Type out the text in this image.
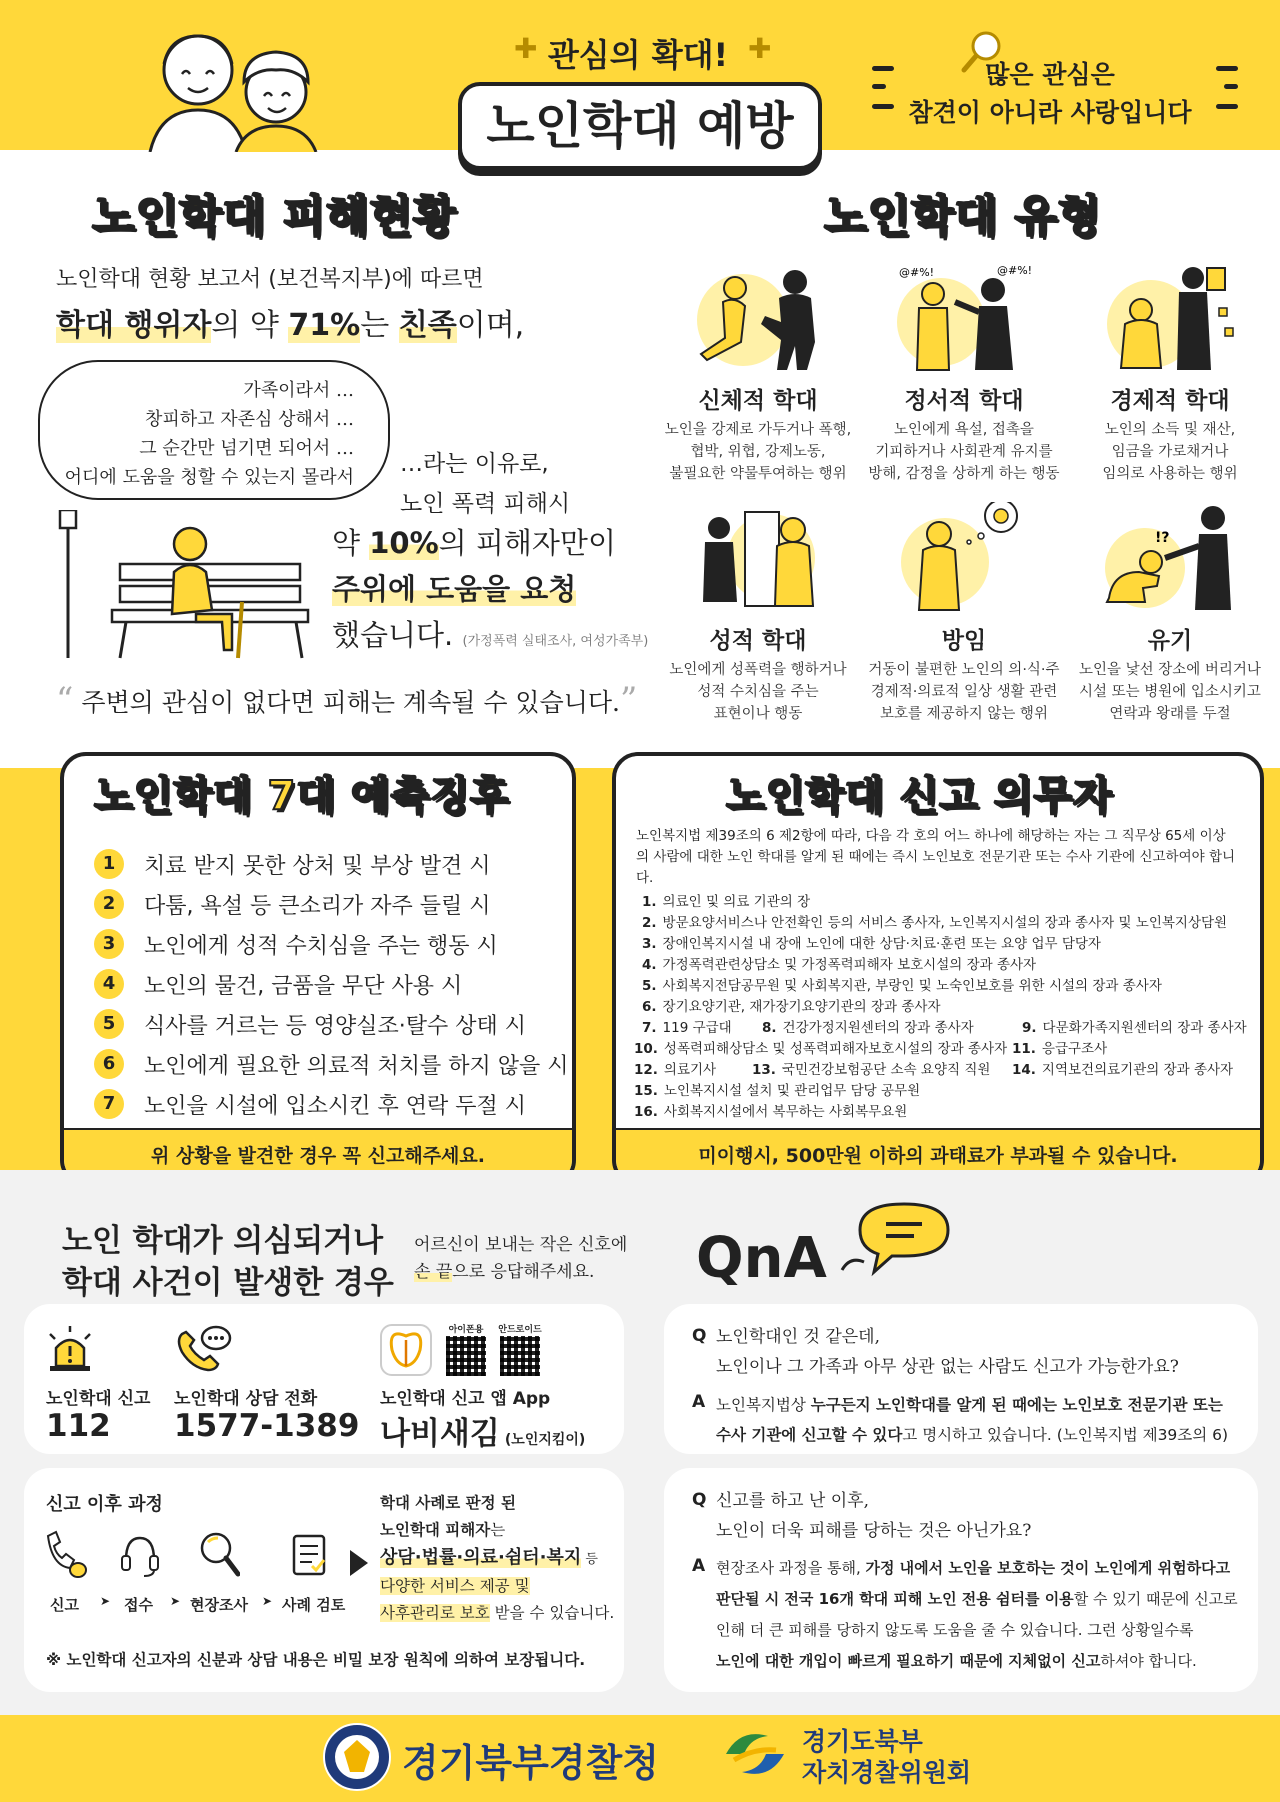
관심의 확대!
✚	✚
노인학대 예방
많은 관심은
참견이 아니라 사랑입니다
노인학대 피해현황
노인학대 현황 보고서 (보건복지부)에 따르면
학대 행위자의 약 71%는 친족이며,
가족이라서 …
창피하고 자존심 상해서 …
그 순간만 넘기면 되어서 …
어디에 도움을 청할 수 있는지 몰라서
…라는 이유로,
노인 폭력 피해시
약 10%의 피해자만이
주위에 도움을 요청
했습니다. (가정폭력 실태조사, 여성가족부)
“ 주변의 관심이 없다면 피해는 계속될 수 있습니다.”
노인학대 유형
신체적 학대
노인을 강제로 가두거나 폭행,
협박, 위협, 강제노동,
불필요한 약물투여하는 행위
@#%!	@#%!
정서적 학대
노인에게 욕설, 접촉을
기피하거나 사회관계 유지를
방해, 감정을 상하게 하는 행동
경제적 학대
노인의 소득 및 재산,
임금을 가로채거나
임의로 사용하는 행위
성적 학대
노인에게 성폭력을 행하거나
성적 수치심을 주는
표현이나 행동
방임
거동이 불편한 노인의 의·식·주
경제적·의료적 일상 생활 관련
보호를 제공하지 않는 행위
!?
유기
노인을 낯선 장소에 버리거나
시설 또는 병원에 입소시키고
연락과 왕래를 두절
1	치료 받지 못한 상처 및 부상 발견 시
2	다툼, 욕설 등 큰소리가 자주 들릴 시
3	노인에게 성적 수치심을 주는 행동 시
4	노인의 물건, 금품을 무단 사용 시
5	식사를 거르는 등 영양실조·탈수 상태 시
6	노인에게 필요한 의료적 처치를 하지 않을 시
7	노인을 시설에 입소시킨 후 연락 두절 시
위 상황을 발견한 경우 꼭 신고해주세요.
노인학대 7대 예측징후
노인복지법 제39조의 6 제2항에 따라, 다음 각 호의 어느 하나에 해당하는 자는 그 직무상 65세 이상의 사람에 대한 노인 학대를 알게 된 때에는 즉시 노인보호 전문기관 또는 수사 기관에 신고하여야 합니다.
1. 의료인 및 의료 기관의 장
2. 방문요양서비스나 안전확인 등의 서비스 종사자, 노인복지시설의 장과 종사자 및 노인복지상담원
3. 장애인복지시설 내 장애 노인에 대한 상담·치료·훈련 또는 요양 업무 담당자
4. 가정폭력관련상담소 및 가정폭력피해자 보호시설의 장과 종사자
5. 사회복지전담공무원 및 사회복지관, 부랑인 및 노숙인보호를 위한 시설의 장과 종사자
6. 장기요양기관, 재가장기요양기관의 장과 종사자
7. 119 구급대 8. 건강가정지원센터의 장과 종사자	9. 다문화가족지원센터의 장과 종사자
10. 성폭력피해상담소 및 성폭력피해자보호시설의 장과 종사자 11. 응급구조사
12. 의료기사	13. 국민건강보험공단 소속 요양직 직원 14. 지역보건의료기관의 장과 종사자
15. 노인복지시설 설치 및 관리업무 담당 공무원
16. 사회복지시설에서 복무하는 사회복무요원
미이행시, 500만원 이하의 과태료가 부과될 수 있습니다.
노인학대 신고 의무자
노인 학대가 의심되거나
학대 사건이 발생한 경우
어르신이 보내는 작은 신호에
손 끝으로 응답해주세요.
노인학대 신고
112
노인학대 상담 전화
1577-1389
아이폰용	안드로이드
노인학대 신고 앱 App
나비새김 (노인지킴이)
신고 이후 과정
신고 ➤ 접수 ➤ 현장조사 ➤ 사례 검토
학대 사례로 판정 된
노인학대 피해자는
상담·법률·의료·쉼터·복지 등
다양한 서비스 제공 및
사후관리로 보호 받을 수 있습니다.
※ 노인학대 신고자의 신분과 상담 내용은 비밀 보장 원칙에 의하여 보장됩니다.
QnA
Q 노인학대인 것 같은데,
노인이나 그 가족과 아무 상관 없는 사람도 신고가 가능한가요?
A 노인복지법상 누구든지 노인학대를 알게 된 때에는 노인보호 전문기관 또는
수사 기관에 신고할 수 있다고 명시하고 있습니다. (노인복지법 제39조의 6)
Q 신고를 하고 난 이후,
노인이 더욱 피해를 당하는 것은 아닌가요?
A 현장조사 과정을 통해, 가정 내에서 노인을 보호하는 것이 노인에게 위험하다고
판단될 시 전국 16개 학대 피해 노인 전용 쉼터를 이용할 수 있기 때문에 신고로
인해 더 큰 피해를 당하지 않도록 도움을 줄 수 있습니다. 그런 상황일수록
노인에 대한 개입이 빠르게 필요하기 때문에 지체없이 신고하셔야 합니다.
경기북부경찰청	경기도북부
자치경찰위원회
